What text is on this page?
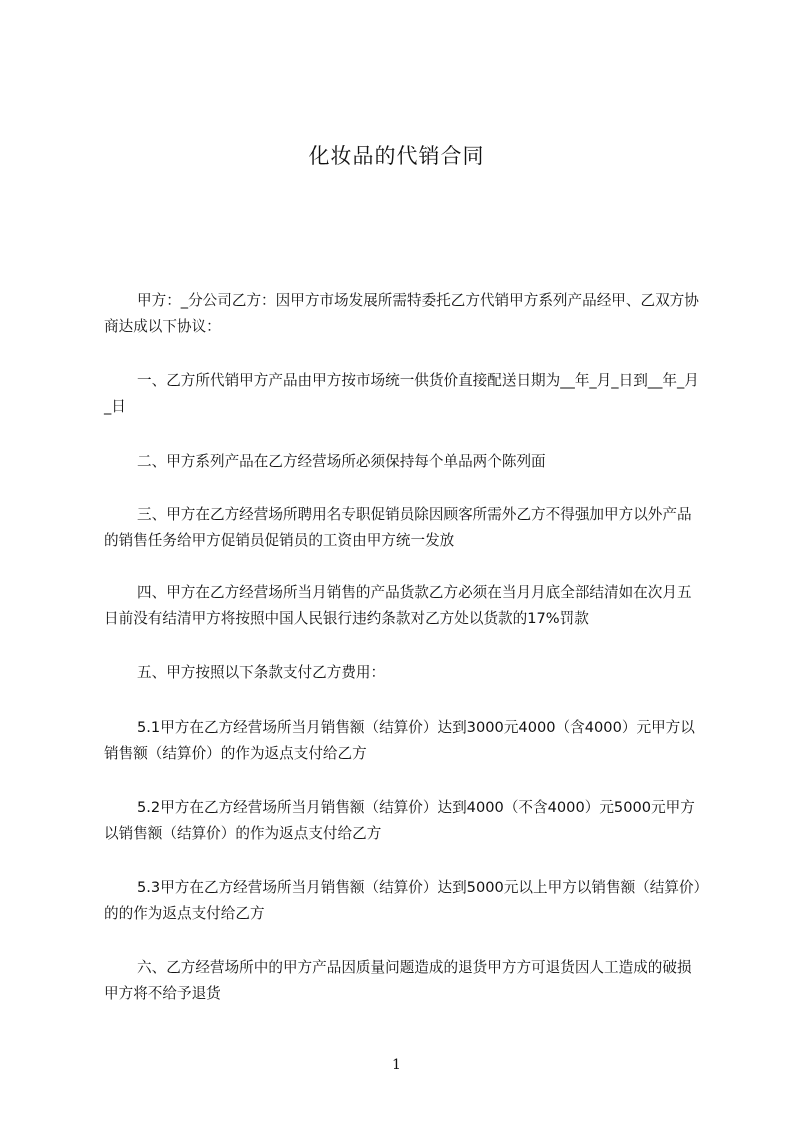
化妆品的代销合同

甲方：_分公司乙方：因甲方市场发展所需特委托乙方代销甲方系列产品经甲、乙双方协商达成以下协议：

一、乙方所代销甲方产品由甲方按市场统一供货价直接配送日期为__年_月_日到__年_月_日

二、甲方系列产品在乙方经营场所必须保持每个单品两个陈列面

三、甲方在乙方经营场所聘用名专职促销员除因顾客所需外乙方不得强加甲方以外产品的销售任务给甲方促销员促销员的工资由甲方统一发放

四、甲方在乙方经营场所当月销售的产品货款乙方必须在当月月底全部结清如在次月五日前没有结清甲方将按照中国人民银行违约条款对乙方处以货款的17%罚款

五、甲方按照以下条款支付乙方费用：

5.1甲方在乙方经营场所当月销售额（结算价）达到3000元4000（含4000）元甲方以销售额（结算价）的作为返点支付给乙方

5.2甲方在乙方经营场所当月销售额（结算价）达到4000（不含4000）元5000元甲方以销售额（结算价）的作为返点支付给乙方

5.3甲方在乙方经营场所当月销售额（结算价）达到5000元以上甲方以销售额（结算价）的的作为返点支付给乙方

六、乙方经营场所中的甲方产品因质量问题造成的退货甲方方可退货因人工造成的破损甲方将不给予退货

1
